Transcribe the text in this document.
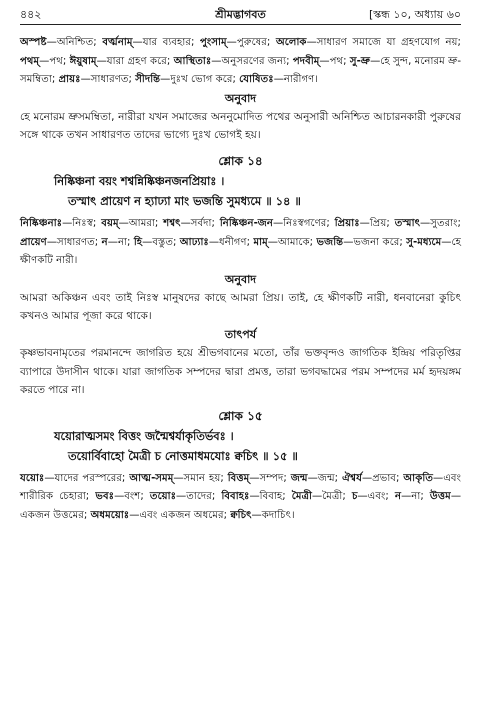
৪৪২	শ্রীমদ্ভাগবত	[স্কন্ধ ১০, অধ্যায় ৬০

অস্পষ্ট—অনিশ্চিত; বর্ত্মনাম্—যার ব্যবহার; পুংসাম্—পুরুষের; অলোক—সাধারণ সমাজে যা গ্রহণযোগ নয়; পথম্—পথ; ঈয়ুষাম্—যারা গ্রহণ করে; আস্থিতাঃ—অনুসরণের জন্য; পদবীম্—পথ; সু-ভ্রু—হে সুন্দ, মনোরম ভ্রু-সমম্বিতা; প্রায়ঃ—সাধারণত; সীদন্তি—দুঃখ ভোগ করে; যোষিতঃ—নারীগণ।

অনুবাদ

হে মনোরম ভ্রুসমম্বিতা, নারীরা যখন সমাজের অননুমোদিত পথের অনুসারী অনিশ্চিত আচারনকারী পুরুষের সঙ্গে থাকে তখন সাধারণত তাদের ভাগ্যে দুঃখ ভোগই হয়।

শ্লোক ১৪

নিষ্কিঞ্চনা বয়ং শশ্বন্নিষ্কিঞ্চনজনপ্রিয়াঃ ।

তস্মাৎ প্রায়েণ ন হ্যাঢ্যা মাং ভজন্তি সুমধ্যমে ॥ ১৪ ॥

নিষ্কিঞ্চনাঃ—নিঃস্ব; বয়ম্—আমরা; শশ্বৎ—সর্বদা; নিষ্কিঞ্চন-জন—নিঃস্বগণের; প্রিয়াঃ—প্রিয়; তস্মাৎ—সুতরাং; প্রায়েণ—সাধারণত; ন—না; হি—বস্তুত; আঢ্যাঃ—ধনীগণ; মাম্—আমাকে; ভজন্তি—ভজনা করে; সু-মধ্যমে—হে ক্ষীণকটি নারী।

অনুবাদ

আমরা অকিঞ্চন এবং তাই নিঃস্ব মানুষদের কাছে আমরা প্রিয়। তাই, হে ক্ষীণকটি নারী, ধনবানেরা কুচিৎ কখনও আমার পূজা করে থাকে।

তাৎপর্য

কৃষ্ণভাবনামৃতের পরমানন্দে জাগরিত হয়ে শ্রীভগবানের মতো, তাঁর ভক্তবৃন্দও জাগতিক ইন্দ্রিয় পরিতৃপ্তির ব্যাপারে উদাসীন থাকে। যারা জাগতিক সম্পদের দ্বারা প্রমত্ত, তারা ভগবদ্ধামের পরম সম্পদের মর্ম হৃদয়ঙ্গম করতে পারে না।

শ্লোক ১৫

যয়োরাত্মসমং বিত্তং জন্মৈশ্বর্যাকৃতির্ভবঃ ।

তয়োর্বিবাহো মৈত্রী চ নোত্তমাধমযোঃ ক্বচিৎ ॥ ১৫ ॥

যয়োঃ—যাদের পরস্পরের; আত্ম-সমম্—সমান হয়; বিত্তম্—সম্পদ; জন্ম—জন্ম; ঐশ্বর্য—প্রভাব; আকৃতি—এবং শারীরিক চেহারা; ভবঃ—বংশ; তয়োঃ—তাদের; বিবাহঃ—বিবাহ; মৈত্রী—মৈত্রী; চ—এবং; ন—না; উত্তম—একজন উত্তমের; অধময়োঃ—এবং একজন অধমের; ক্বচিৎ—কদাচিৎ।
